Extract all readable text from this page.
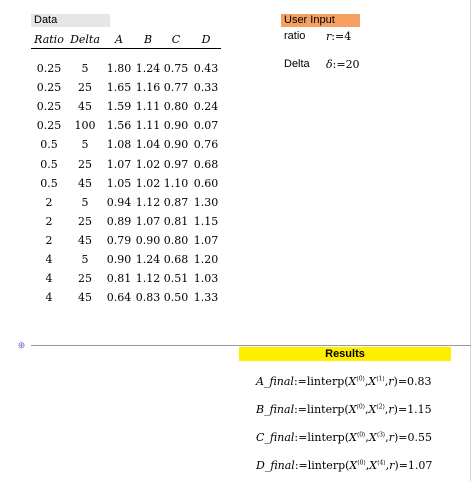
Data
Ratio	Delta	A	B	C	D

0.25	5	1.80	1.24	0.75	0.43
0.25	25	1.65	1.16	0.77	0.33
0.25	45	1.59	1.11	0.80	0.24
0.25	100	1.56	1.11	0.90	0.07
0.5	5	1.08	1.04	0.90	0.76
0.5	25	1.07	1.02	0.97	0.68
0.5	45	1.05	1.02	1.10	0.60
2	5	0.94	1.12	0.87	1.30
2	25	0.89	1.07	0.81	1.15
2	45	0.79	0.90	0.80	1.07
4	5	0.90	1.24	0.68	1.20
4	25	0.81	1.12	0.51	1.03
4	45	0.64	0.83	0.50	1.33
User Input
ratio r:=4
Delta δ:=20
⊕
Results
$A\_final:=linterp(X^{⟨0⟩},X^{⟨1⟩},r)=0.83$
$B\_final:=linterp(X^{⟨0⟩},X^{⟨2⟩},r)=1.15$
$C\_final:=linterp(X^{⟨0⟩},X^{⟨3⟩},r)=0.55$
$D\_final:=linterp(X^{⟨0⟩},X^{⟨4⟩},r)=1.07$
